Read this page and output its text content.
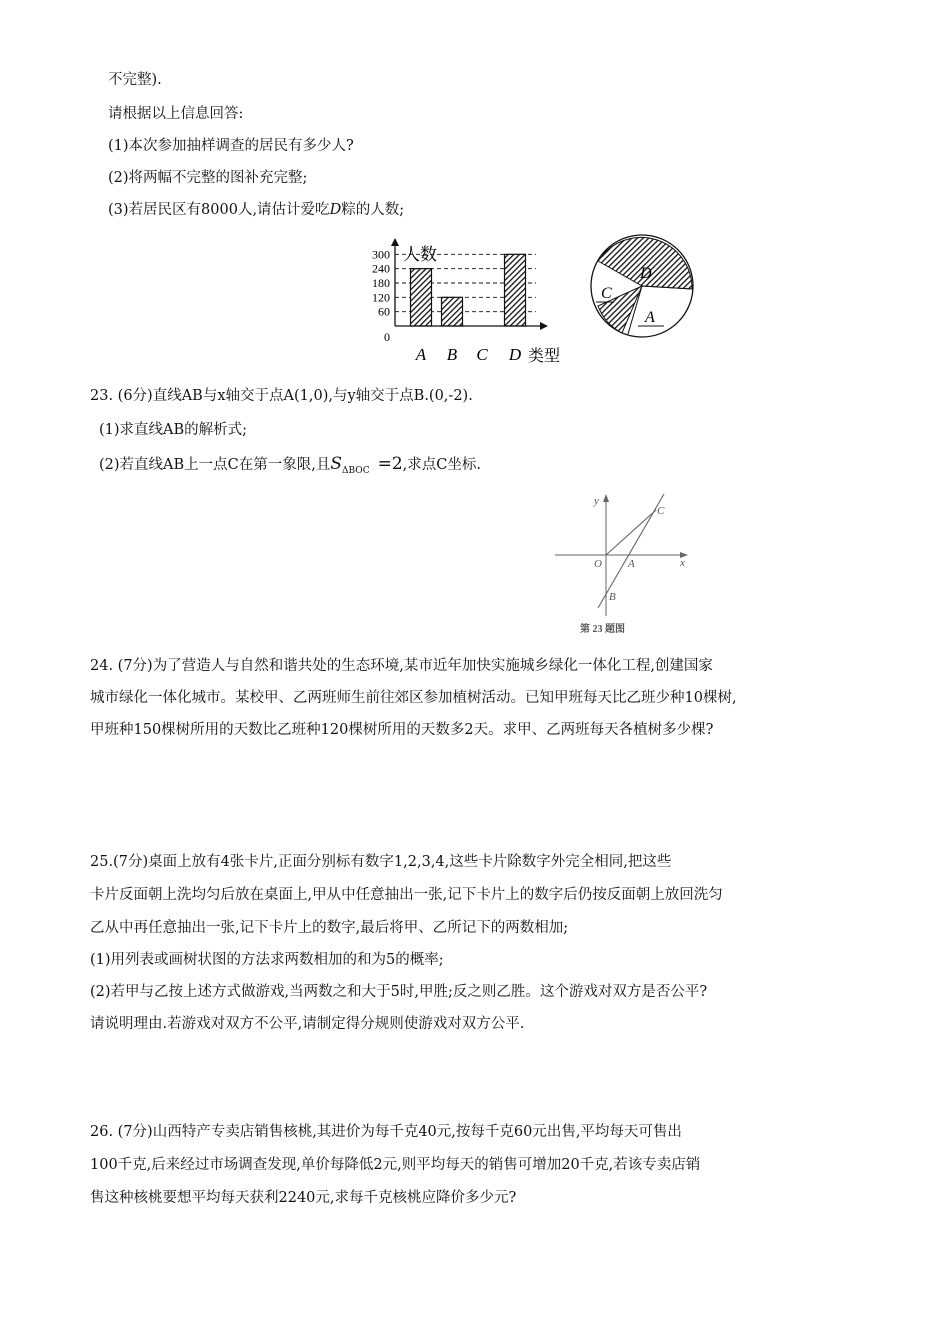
不完整).
请根据以上信息回答:
(1)本次参加抽样调查的居民有多少人?
(2)将两幅不完整的图补充完整;
(3)若居民区有8000人,请估计爱吃D粽的人数;
0
60
120
180
240
300 人数
A B C D 类型
D
C
A
23. (6分)直线AB与x轴交于点A(1,0),与y轴交于点B.(0,-2).
(1)求直线AB的解析式;
(2)若直线AB上一点C在第一象限,且$S_{\Delta BOC} =2$,求点C坐标.
y
x
O A
B
C
第 23 题图
24. (7分)为了营造人与自然和谐共处的生态环境,某市近年加快实施城乡绿化一体化工程,创建国家
城市绿化一体化城市。某校甲、乙两班师生前往郊区参加植树活动。已知甲班每天比乙班少种10棵树,
甲班种150棵树所用的天数比乙班种120棵树所用的天数多2天。求甲、乙两班每天各植树多少棵?
25.(7分)桌面上放有4张卡片,正面分别标有数字1,2,3,4,这些卡片除数字外完全相同,把这些
卡片反面朝上洗均匀后放在桌面上,甲从中任意抽出一张,记下卡片上的数字后仍按反面朝上放回洗匀
乙从中再任意抽出一张,记下卡片上的数字,最后将甲、乙所记下的两数相加;
(1)用列表或画树状图的方法求两数相加的和为5的概率;
(2)若甲与乙按上述方式做游戏,当两数之和大于5时,甲胜;反之则乙胜。这个游戏对双方是否公平?
请说明理由.若游戏对双方不公平,请制定得分规则使游戏对双方公平.
26. (7分)山西特产专卖店销售核桃,其进价为每千克40元,按每千克60元出售,平均每天可售出
100千克,后来经过市场调查发现,单价每降低2元,则平均每天的销售可增加20千克,若该专卖店销
售这种核桃要想平均每天获利2240元,求每千克核桃应降价多少元?
